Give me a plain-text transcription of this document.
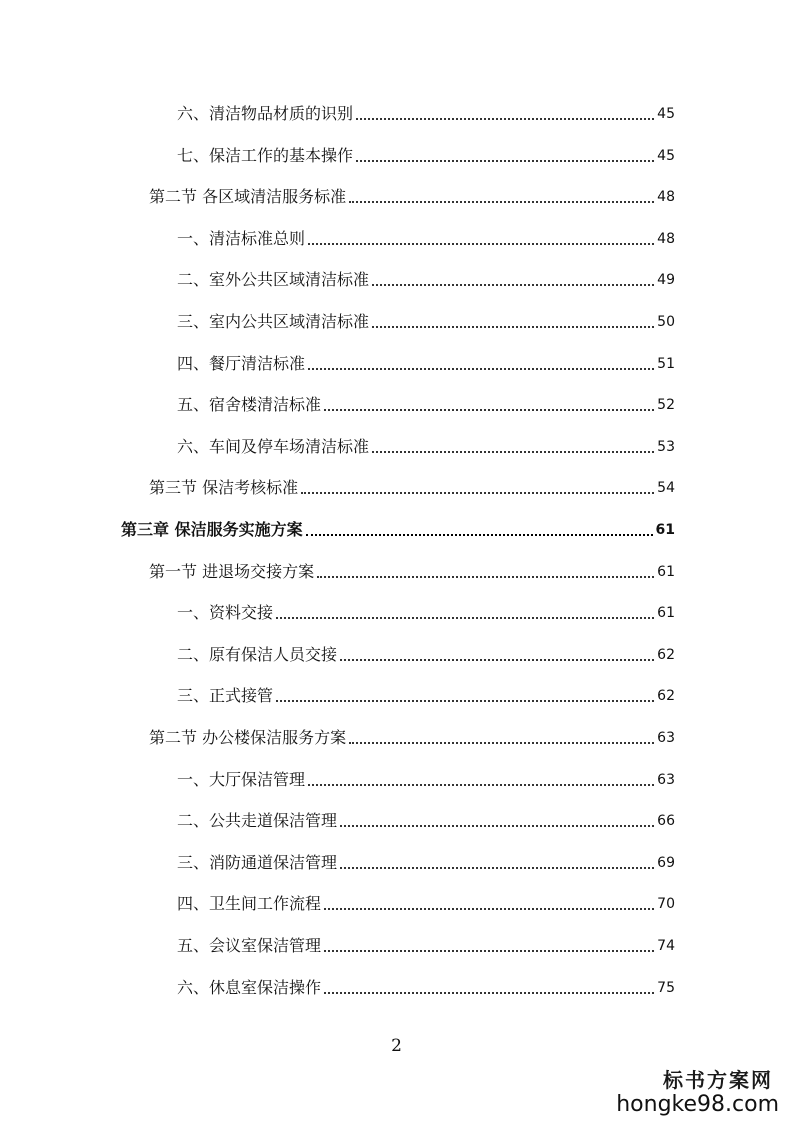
六、清洁物品材质的识别	45
七、保洁工作的基本操作	45
第二节 各区域清洁服务标准	48
一、清洁标准总则	48
二、室外公共区域清洁标准	49
三、室内公共区域清洁标准	50
四、餐厅清洁标准	51
五、宿舍楼清洁标准	52
六、车间及停车场清洁标准	53
第三节 保洁考核标准	54
第三章 保洁服务实施方案	61
第一节 进退场交接方案	61
一、资料交接	61
二、原有保洁人员交接	62
三、正式接管	62
第二节 办公楼保洁服务方案	63
一、大厅保洁管理	63
二、公共走道保洁管理	66
三、消防通道保洁管理	69
四、卫生间工作流程	70
五、会议室保洁管理	74
六、休息室保洁操作	75
2
标书方案网
hongke98.com
